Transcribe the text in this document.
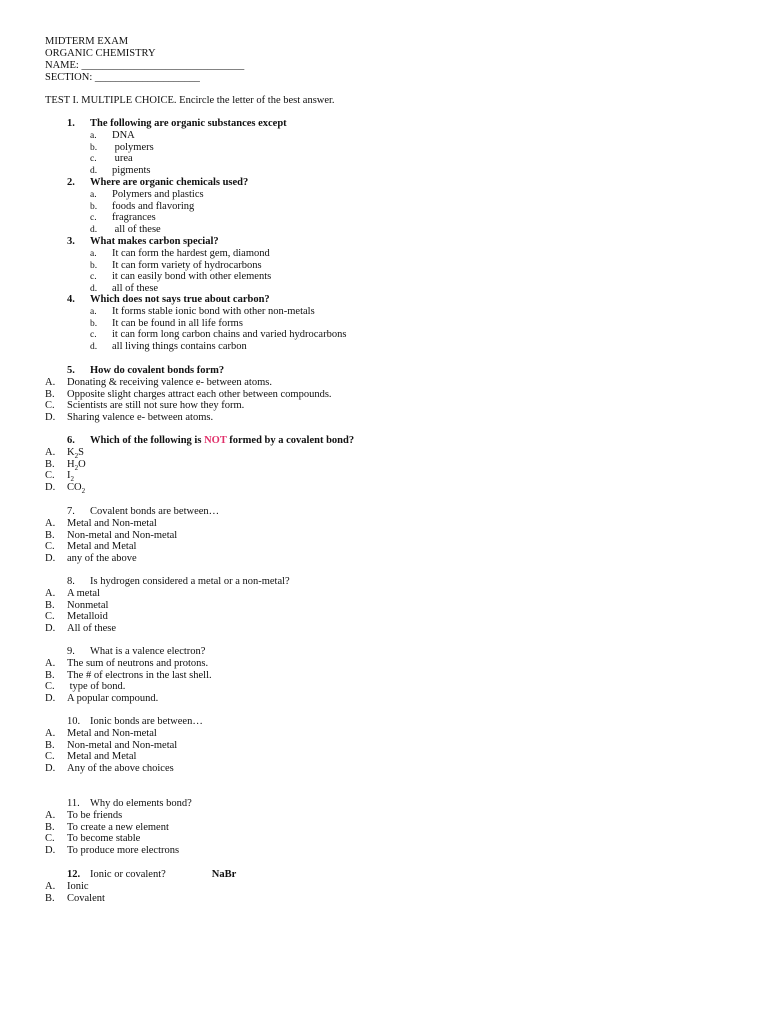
MIDTERM EXAM
ORGANIC CHEMISTRY
NAME: _______________________________
SECTION: ____________________
TEST I. MULTIPLE CHOICE. Encircle the letter of the best answer.
1. The following are organic substances except
a. DNA
b. polymers
c. urea
d. pigments
2. Where are organic chemicals used?
a. Polymers and plastics
b. foods and flavoring
c. fragrances
d. all of these
3. What makes carbon special?
a. It can form the hardest gem, diamond
b. It can form variety of hydrocarbons
c. it can easily bond with other elements
d. all of these
4. Which does not says true about carbon?
a. It forms stable ionic bond with other non-metals
b. It can be found in all life forms
c. it can form long carbon chains and varied hydrocarbons
d. all living things contains carbon
5. How do covalent bonds form?
A. Donating & receiving valence e- between atoms.
B. Opposite slight charges attract each other between compounds.
C. Scientists are still not sure how they form.
D. Sharing valence e- between atoms.
6. Which of the following is NOT formed by a covalent bond?
A. $K_2S$
B. $H_2O$
C. $I_2$
D. $CO_2$
7. Covalent bonds are between…
A. Metal and Non-metal
B. Non-metal and Non-metal
C. Metal and Metal
D. any of the above
8. Is hydrogen considered a metal or a non-metal?
A. A metal
B. Nonmetal
C. Metalloid
D. All of these
9. What is a valence electron?
A. The sum of neutrons and protons.
B. The # of electrons in the last shell.
C. type of bond.
D. A popular compound.
10. Ionic bonds are between…
A. Metal and Non-metal
B. Non-metal and Non-metal
C. Metal and Metal
D. Any of the above choices
11. Why do elements bond?
A. To be friends
B. To create a new element
C. To become stable
D. To produce more electrons
12. Ionic or covalent?	NaBr
A. Ionic
B. Covalent
